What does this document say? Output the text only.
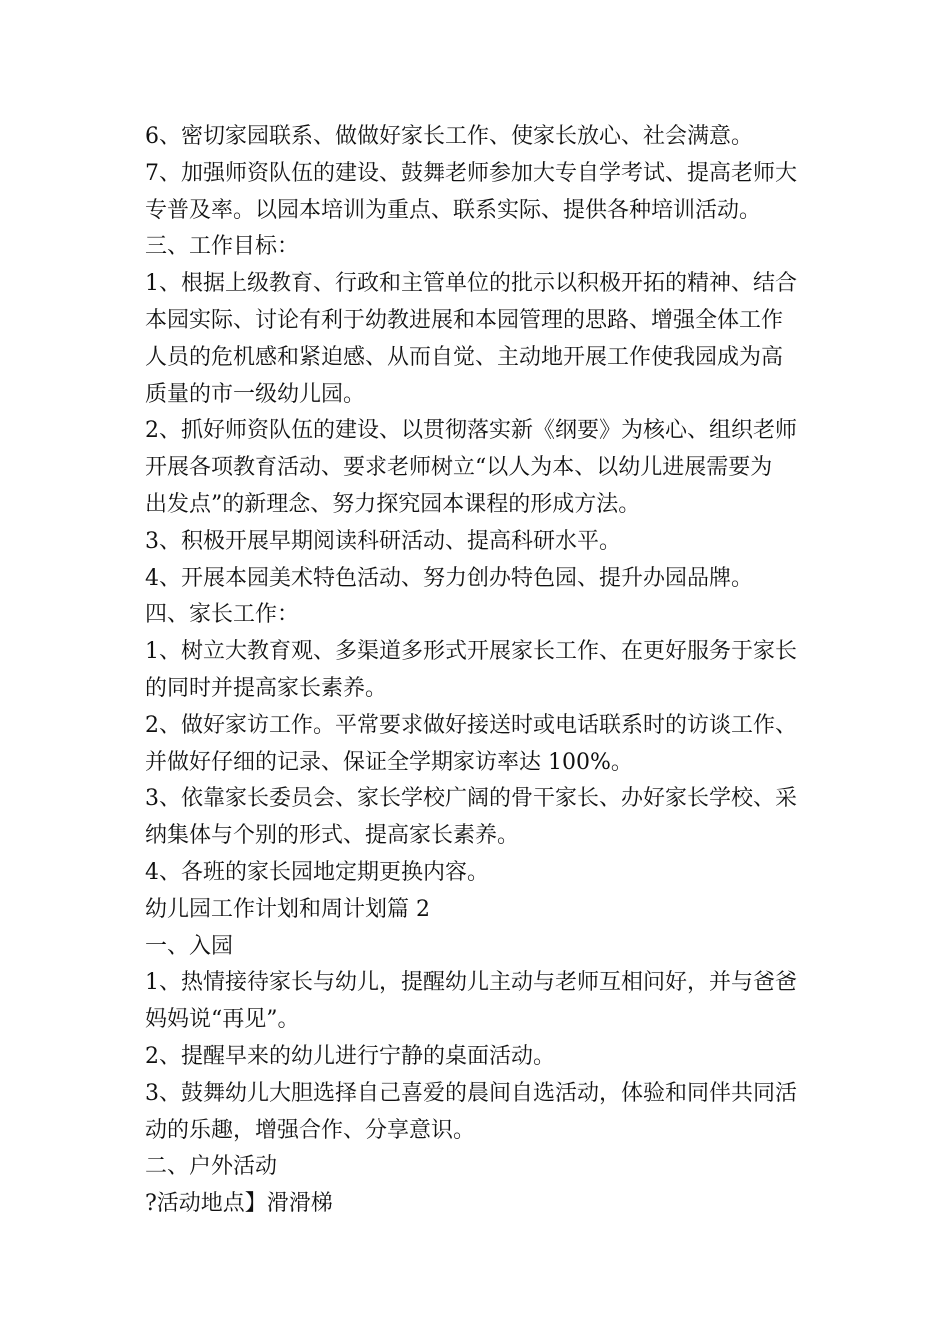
6、密切家园联系、做做好家长工作、使家长放心、社会满意。
7、加强师资队伍的建设、鼓舞老师参加大专自学考试、提高老师大
专普及率。以园本培训为重点、联系实际、提供各种培训活动。
三、工作目标：
1、根据上级教育、行政和主管单位的批示以积极开拓的精神、结合
本园实际、讨论有利于幼教进展和本园管理的思路、增强全体工作
人员的危机感和紧迫感、从而自觉、主动地开展工作使我园成为高
质量的市一级幼儿园。
2、抓好师资队伍的建设、以贯彻落实新《纲要》为核心、组织老师
开展各项教育活动、要求老师树立“以人为本、以幼儿进展需要为
出发点”的新理念、努力探究园本课程的形成方法。
3、积极开展早期阅读科研活动、提高科研水平。
4、开展本园美术特色活动、努力创办特色园、提升办园品牌。
四、家长工作：
1、树立大教育观、多渠道多形式开展家长工作、在更好服务于家长
的同时并提高家长素养。
2、做好家访工作。平常要求做好接送时或电话联系时的访谈工作、
并做好仔细的记录、保证全学期家访率达 100%。
3、依靠家长委员会、家长学校广阔的骨干家长、办好家长学校、采
纳集体与个别的形式、提高家长素养。
4、各班的家长园地定期更换内容。
幼儿园工作计划和周计划篇 2
一、入园
1、热情接待家长与幼儿，提醒幼儿主动与老师互相问好，并与爸爸
妈妈说“再见”。
2、提醒早来的幼儿进行宁静的桌面活动。
3、鼓舞幼儿大胆选择自己喜爱的晨间自选活动，体验和同伴共同活
动的乐趣，增强合作、分享意识。
二、户外活动
?活动地点】滑滑梯
